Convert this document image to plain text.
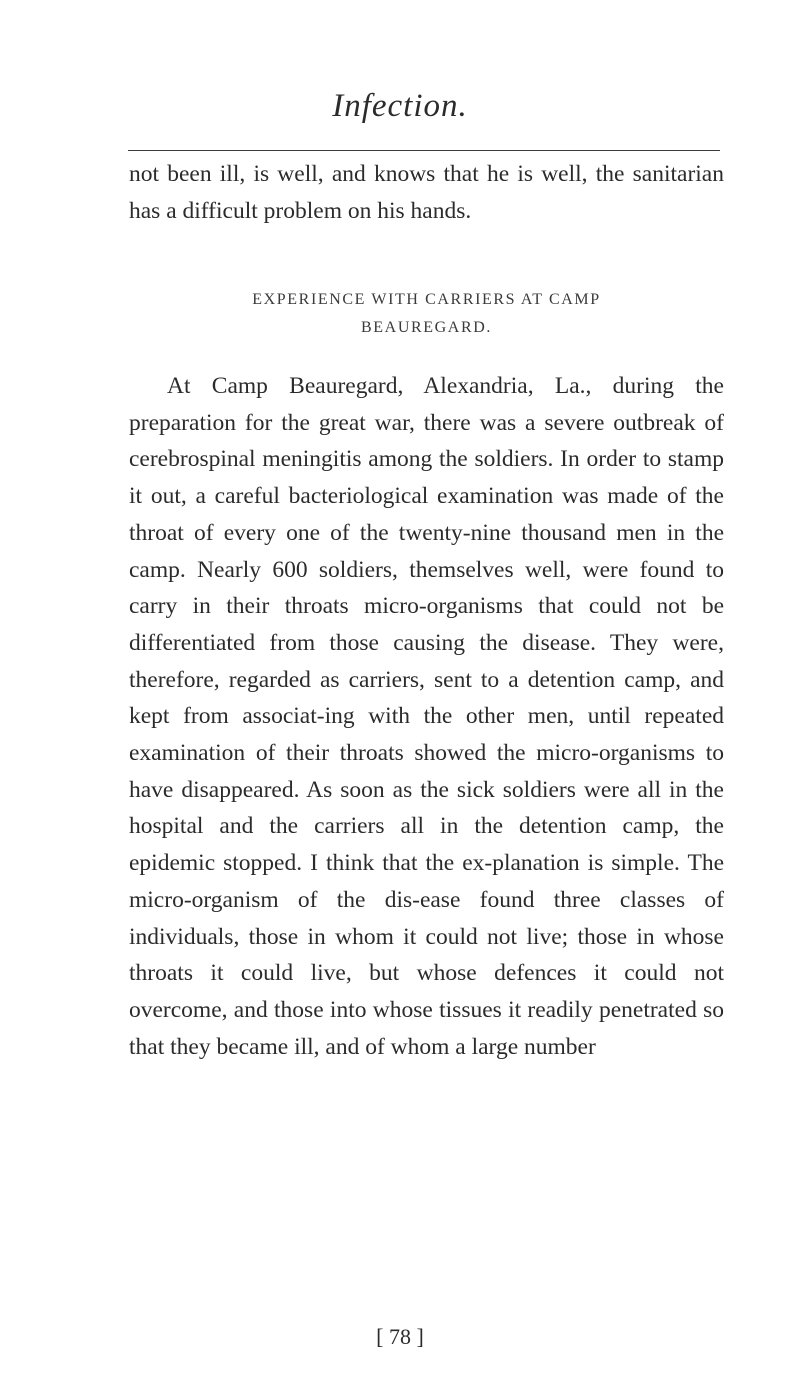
Infection.

not been ill, is well, and knows that he is well, the sanitarian has a difficult problem on his hands.

EXPERIENCE WITH CARRIERS AT CAMP
BEAUREGARD.

At Camp Beauregard, Alexandria, La., during the preparation for the great war, there was a severe outbreak of cerebrospinal meningitis among the soldiers. In order to stamp it out, a careful bacteriological examination was made of the throat of every one of the twenty-nine thousand men in the camp. Nearly 600 soldiers, themselves well, were found to carry in their throats micro-organisms that could not be differentiated from those causing the disease. They were, therefore, regarded as carriers, sent to a detention camp, and kept from associat-ing with the other men, until repeated examination of their throats showed the micro-organisms to have disappeared. As soon as the sick soldiers were all in the hospital and the carriers all in the detention camp, the epidemic stopped. I think that the ex-planation is simple. The micro-organism of the dis-ease found three classes of individuals, those in whom it could not live; those in whose throats it could live, but whose defences it could not overcome, and those into whose tissues it readily penetrated so that they became ill, and of whom a large number

[ 78 ]
